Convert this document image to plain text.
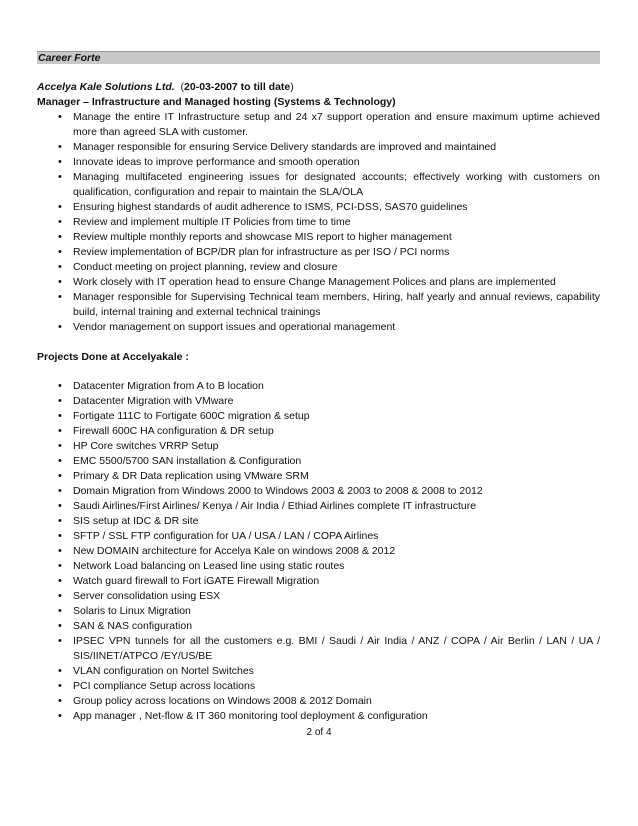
Career Forte

Accelya Kale Solutions Ltd. (20-03-2007 to till date)

Manager – Infrastructure and Managed hosting (Systems & Technology)

•	Manage the entire IT Infrastructure setup and 24 x7 support operation and ensure maximum uptime achieved more than agreed SLA with customer.
•	Manager responsible for ensuring Service Delivery standards are improved and maintained
•	Innovate ideas to improve performance and smooth operation
•	Managing multifaceted engineering issues for designated accounts; effectively working with customers on qualification, configuration and repair to maintain the SLA/OLA
•	Ensuring highest standards of audit adherence to ISMS, PCI-DSS, SAS70 guidelines
•	Review and implement multiple IT Policies from time to time
•	Review multiple monthly reports and showcase MIS report to higher management
•	Review implementation of BCP/DR plan for infrastructure as per ISO / PCI norms
•	Conduct meeting on project planning, review and closure
•	Work closely with IT operation head to ensure Change Management Polices and plans are implemented
•	Manager responsible for Supervising Technical team members, Hiring, half yearly and annual reviews, capability build, internal training and external technical trainings
•	Vendor management on support issues and operational management

Projects Done at Accelyakale :

•	Datacenter Migration from A to B location
•	Datacenter Migration with VMware
•	Fortigate 111C to Fortigate 600C migration & setup
•	Firewall 600C HA configuration & DR setup
•	HP Core switches VRRP Setup
•	EMC 5500/5700 SAN installation & Configuration
•	Primary & DR Data replication using VMware SRM
•	Domain Migration from Windows 2000 to Windows 2003 & 2003 to 2008 & 2008 to 2012
•	Saudi Airlines/First Airlines/ Kenya / Air India / Ethiad Airlines complete IT infrastructure
•	SIS setup at IDC & DR site
•	SFTP / SSL FTP configuration for UA / USA / LAN / COPA Airlines
•	New DOMAIN architecture for Accelya Kale on windows 2008 & 2012
•	Network Load balancing on Leased line using static routes
•	Watch guard firewall to Fort iGATE Firewall Migration
•	Server consolidation using ESX
•	Solaris to Linux Migration
•	SAN & NAS configuration
•	IPSEC VPN tunnels for all the customers e.g. BMI / Saudi / Air India / ANZ / COPA / Air Berlin / LAN / UA / SIS/IINET/ATPCO /EY/US/BE
•	VLAN configuration on Nortel Switches
•	PCI compliance Setup across locations
•	Group policy across locations on Windows 2008 & 2012 Domain
•	App manager , Net-flow & IT 360 monitoring tool deployment & configuration
2 of 4
